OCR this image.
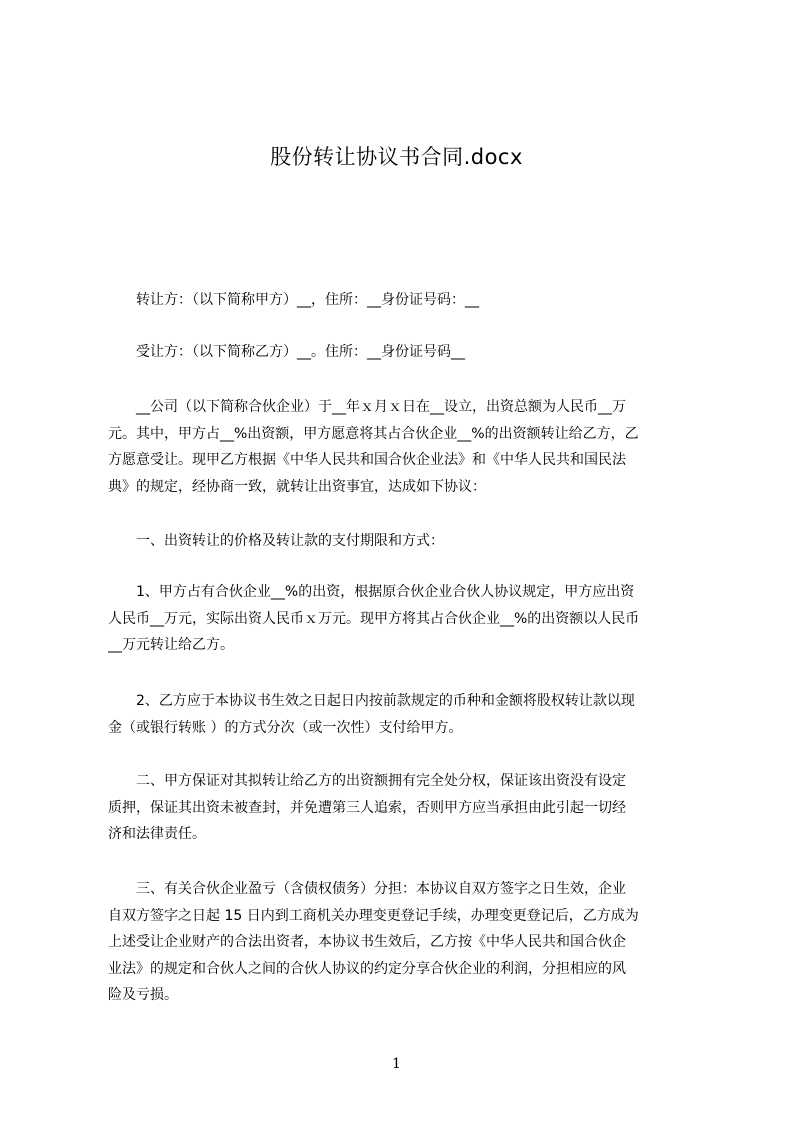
股份转让协议书合同.docx
转让方：（以下简称甲方）__，住所：__身份证号码：__
受让方：（以下简称乙方）__。住所：__身份证号码__
__公司（以下简称合伙企业）于__年ｘ月ｘ日在__设立，出资总额为人民币__万
元。其中，甲方占__%出资额，甲方愿意将其占合伙企业__%的出资额转让给乙方，乙
方愿意受让。现甲乙方根据《中华人民共和国合伙企业法》和《中华人民共和国民法
典》的规定，经协商一致，就转让出资事宜，达成如下协议：
一、出资转让的价格及转让款的支付期限和方式：
1、甲方占有合伙企业__%的出资，根据原合伙企业合伙人协议规定，甲方应出资
人民币__万元，实际出资人民币ｘ万元。现甲方将其占合伙企业__%的出资额以人民币
__万元转让给乙方。
2、乙方应于本协议书生效之日起日内按前款规定的币种和金额将股权转让款以现
金（或银行转账 ）的方式分次（或一次性）支付给甲方。
二、甲方保证对其拟转让给乙方的出资额拥有完全处分权，保证该出资没有设定
质押，保证其出资未被查封，并免遭第三人追索，否则甲方应当承担由此引起一切经
济和法律责任。
三、有关合伙企业盈亏（含债权债务）分担：本协议自双方签字之日生效，企业
自双方签字之日起 15 日内到工商机关办理变更登记手续，办理变更登记后，乙方成为
上述受让企业财产的合法出资者，本协议书生效后，乙方按《中华人民共和国合伙企
业法》的规定和合伙人之间的合伙人协议的约定分享合伙企业的利润，分担相应的风
险及亏损。
1
